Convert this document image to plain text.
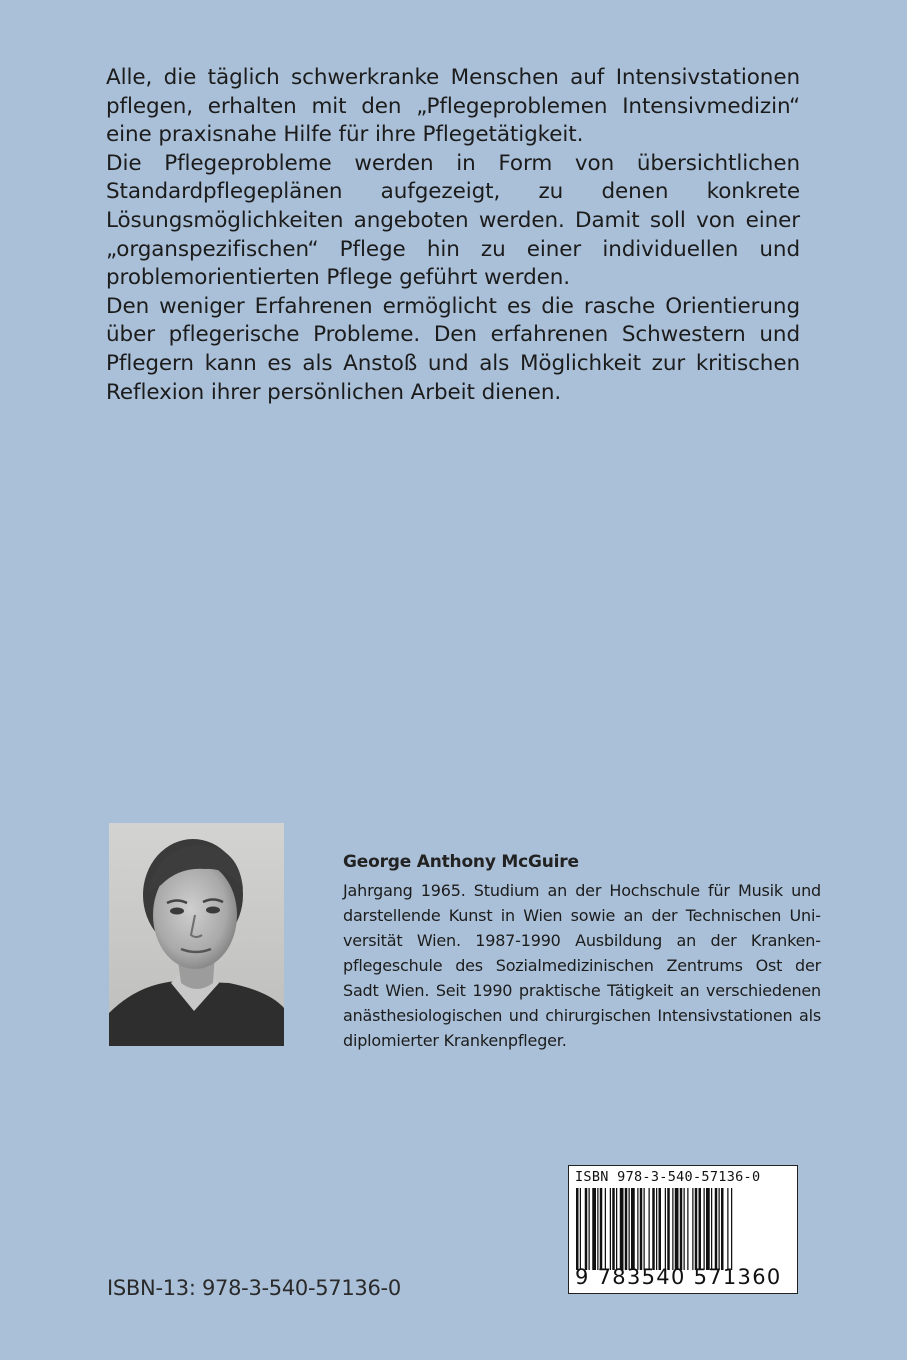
Alle, die täglich schwerkranke Menschen auf Intensivstationen pflegen, erhalten mit den „Pflegeproblemen Intensivmedizin“ eine praxisnahe Hilfe für ihre Pflegetätigkeit.

Die Pflegeprobleme werden in Form von übersichtlichen Standardpflegeplänen aufgezeigt, zu denen konkrete Lösungsmöglichkeiten angeboten werden. Damit soll von einer „organspezifischen“ Pflege hin zu einer individuellen und problemorientierten Pflege geführt werden.

Den weniger Erfahrenen ermöglicht es die rasche Orientierung über pflegerische Probleme. Den erfahrenen Schwestern und Pflegern kann es als Anstoß und als Möglichkeit zur kritischen Reflexion ihrer persönlichen Arbeit dienen.

George Anthony McGuire
Jahrgang 1965. Studium an der Hochschule für Musik und darstellende Kunst in Wien sowie an der Technischen Universität Wien. 1987-1990 Ausbildung an der Krankenpflegeschule des Sozialmedizinischen Zentrums Ost der Sadt Wien. Seit 1990 praktische Tätigkeit an verschiedenen anästhesiologischen und chirurgischen Intensivstationen als diplomierter Krankenpfleger.
ISBN 978-3-540-57136-0
9 783540 571360
ISBN-13: 978-3-540-57136-0
